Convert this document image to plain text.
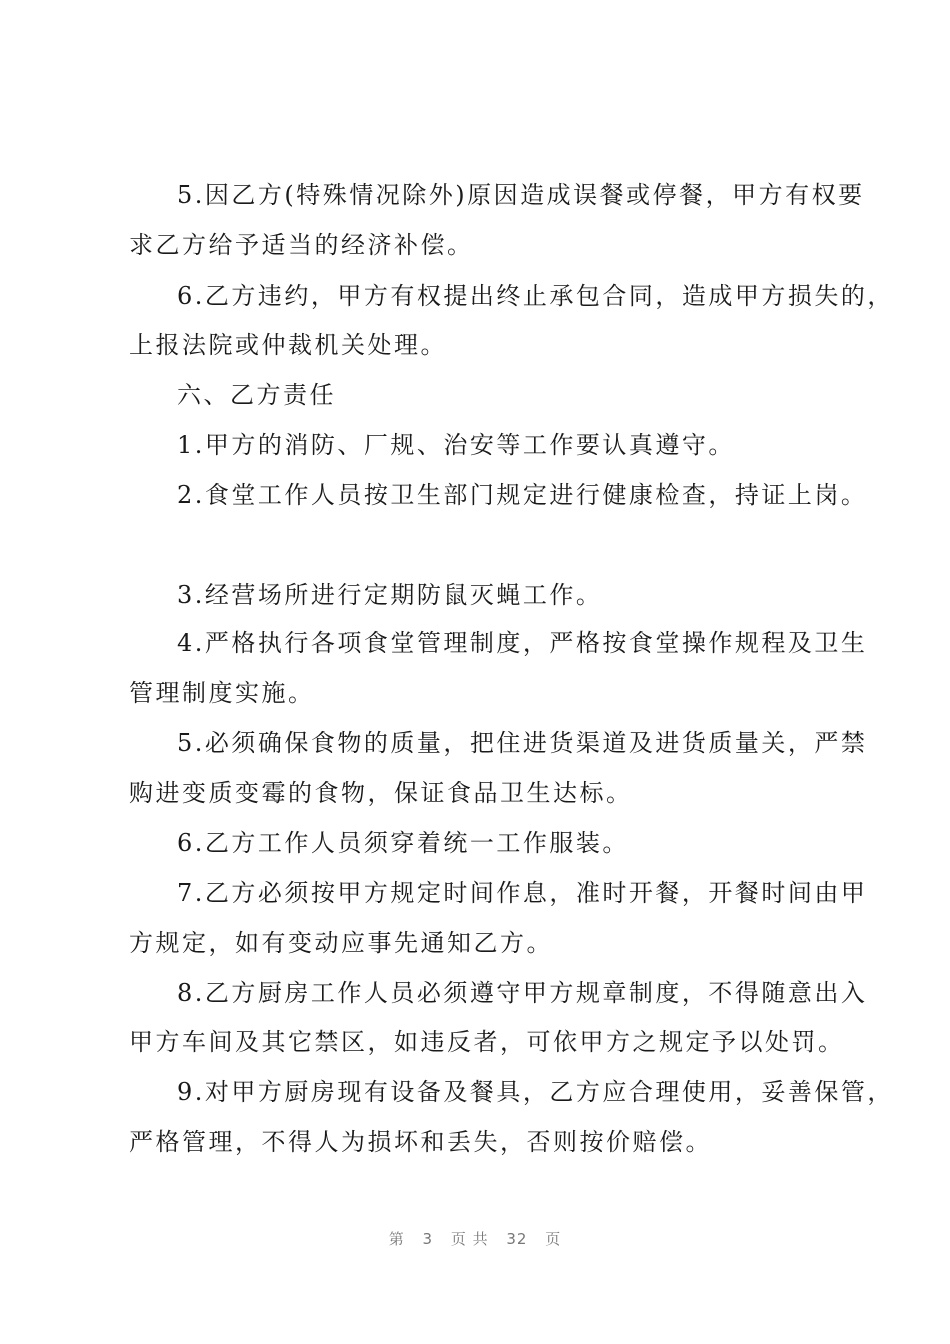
5.因乙方(特殊情况除外)原因造成误餐或停餐，甲方有权要
求乙方给予适当的经济补偿。
6.乙方违约，甲方有权提出终止承包合同，造成甲方损失的，
上报法院或仲裁机关处理。
六、乙方责任
1.甲方的消防、厂规、治安等工作要认真遵守。
2.食堂工作人员按卫生部门规定进行健康检查，持证上岗。
3.经营场所进行定期防鼠灭蝇工作。
4.严格执行各项食堂管理制度，严格按食堂操作规程及卫生
管理制度实施。
5.必须确保食物的质量，把住进货渠道及进货质量关，严禁
购进变质变霉的食物，保证食品卫生达标。
6.乙方工作人员须穿着统一工作服装。
7.乙方必须按甲方规定时间作息，准时开餐，开餐时间由甲
方规定，如有变动应事先通知乙方。
8.乙方厨房工作人员必须遵守甲方规章制度，不得随意出入
甲方车间及其它禁区，如违反者，可依甲方之规定予以处罚。
9.对甲方厨房现有设备及餐具，乙方应合理使用，妥善保管，
严格管理，不得人为损坏和丢失，否则按价赔偿。
第 3 页 共 32 页
